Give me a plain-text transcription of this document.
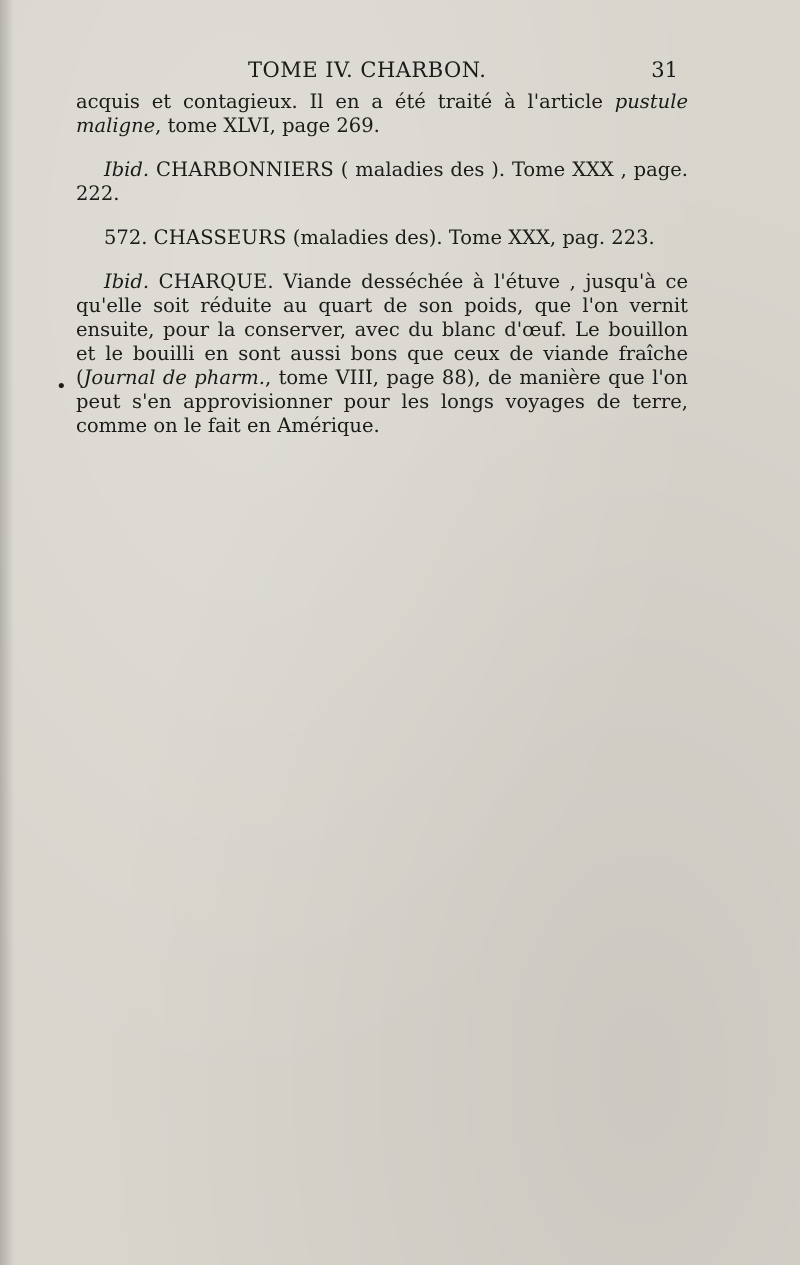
TOME IV. CHARBON.	31
•

acquis et contagieux. Il en a été traité à l'article pustule maligne, tome XLVI, page 269.

Ibid. CHARBONNIERS ( maladies des ). Tome XXX , page. 222.

572. CHASSEURS (maladies des). Tome XXX, pag. 223.

Ibid. CHARQUE. Viande desséchée à l'étuve , jusqu'à ce qu'elle soit réduite au quart de son poids, que l'on vernit ensuite, pour la conserver, avec du blanc d'œuf. Le bouillon et le bouilli en sont aussi bons que ceux de viande fraîche (Journal de pharm., tome VIII, page 88), de manière que l'on peut s'en approvisionner pour les longs voyages de terre, comme on le fait en Amérique.
